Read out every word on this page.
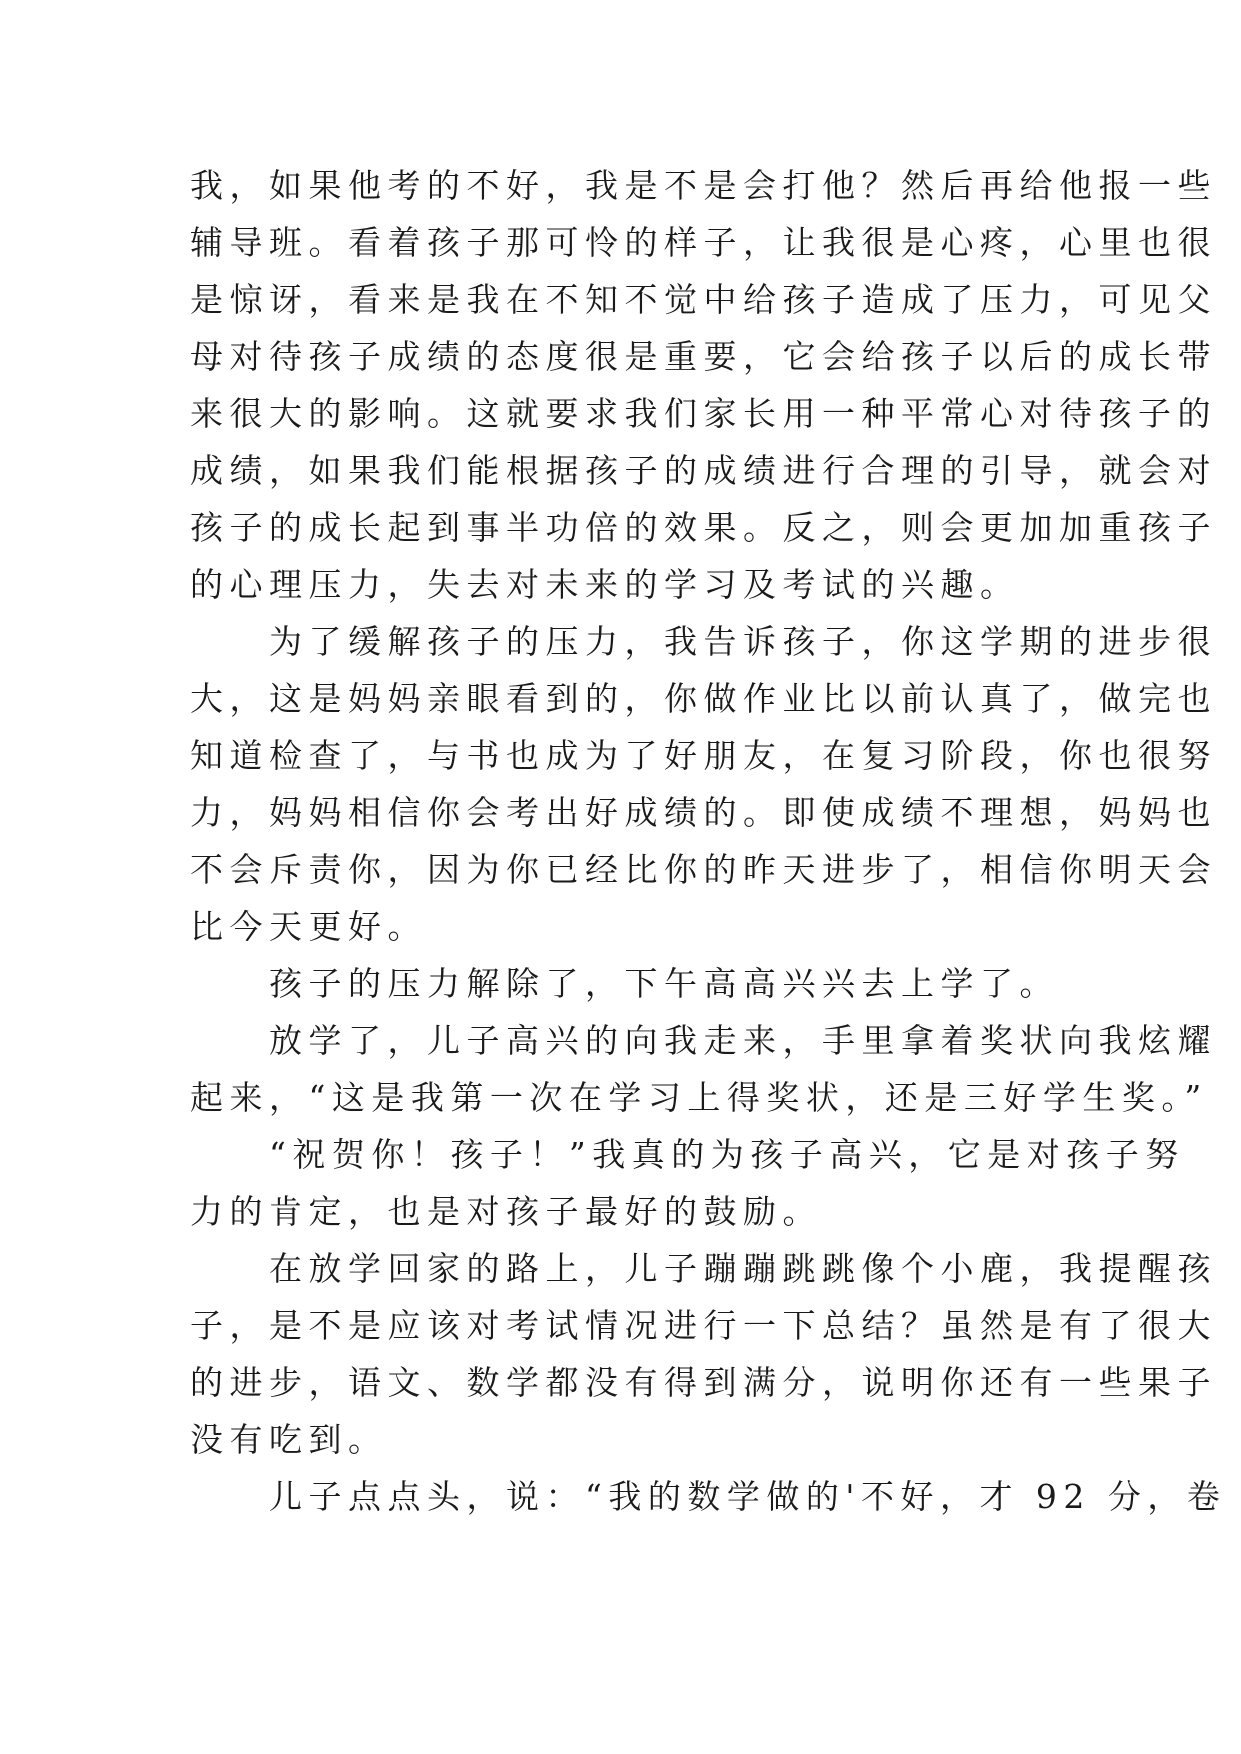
我，如果他考的不好，我是不是会打他？然后再给他报一些
辅导班。看着孩子那可怜的样子，让我很是心疼，心里也很
是惊讶，看来是我在不知不觉中给孩子造成了压力，可见父
母对待孩子成绩的态度很是重要，它会给孩子以后的成长带
来很大的影响。这就要求我们家长用一种平常心对待孩子的
成绩，如果我们能根据孩子的成绩进行合理的引导，就会对
孩子的成长起到事半功倍的效果。反之，则会更加加重孩子
的心理压力，失去对未来的学习及考试的兴趣。
　　为了缓解孩子的压力，我告诉孩子，你这学期的进步很
大，这是妈妈亲眼看到的，你做作业比以前认真了，做完也
知道检查了，与书也成为了好朋友，在复习阶段，你也很努
力，妈妈相信你会考出好成绩的。即使成绩不理想，妈妈也
不会斥责你，因为你已经比你的昨天进步了，相信你明天会
比今天更好。
　　孩子的压力解除了，下午高高兴兴去上学了。
　　放学了，儿子高兴的向我走来，手里拿着奖状向我炫耀
起来，“这是我第一次在学习上得奖状，还是三好学生奖。”
　　“祝贺你！孩子！”我真的为孩子高兴，它是对孩子努
力的肯定，也是对孩子最好的鼓励。
　　在放学回家的路上，儿子蹦蹦跳跳像个小鹿，我提醒孩
子，是不是应该对考试情况进行一下总结？虽然是有了很大
的进步，语文、数学都没有得到满分，说明你还有一些果子
没有吃到。
　　儿子点点头，说：“我的数学做的'不好，才 92 分，卷
